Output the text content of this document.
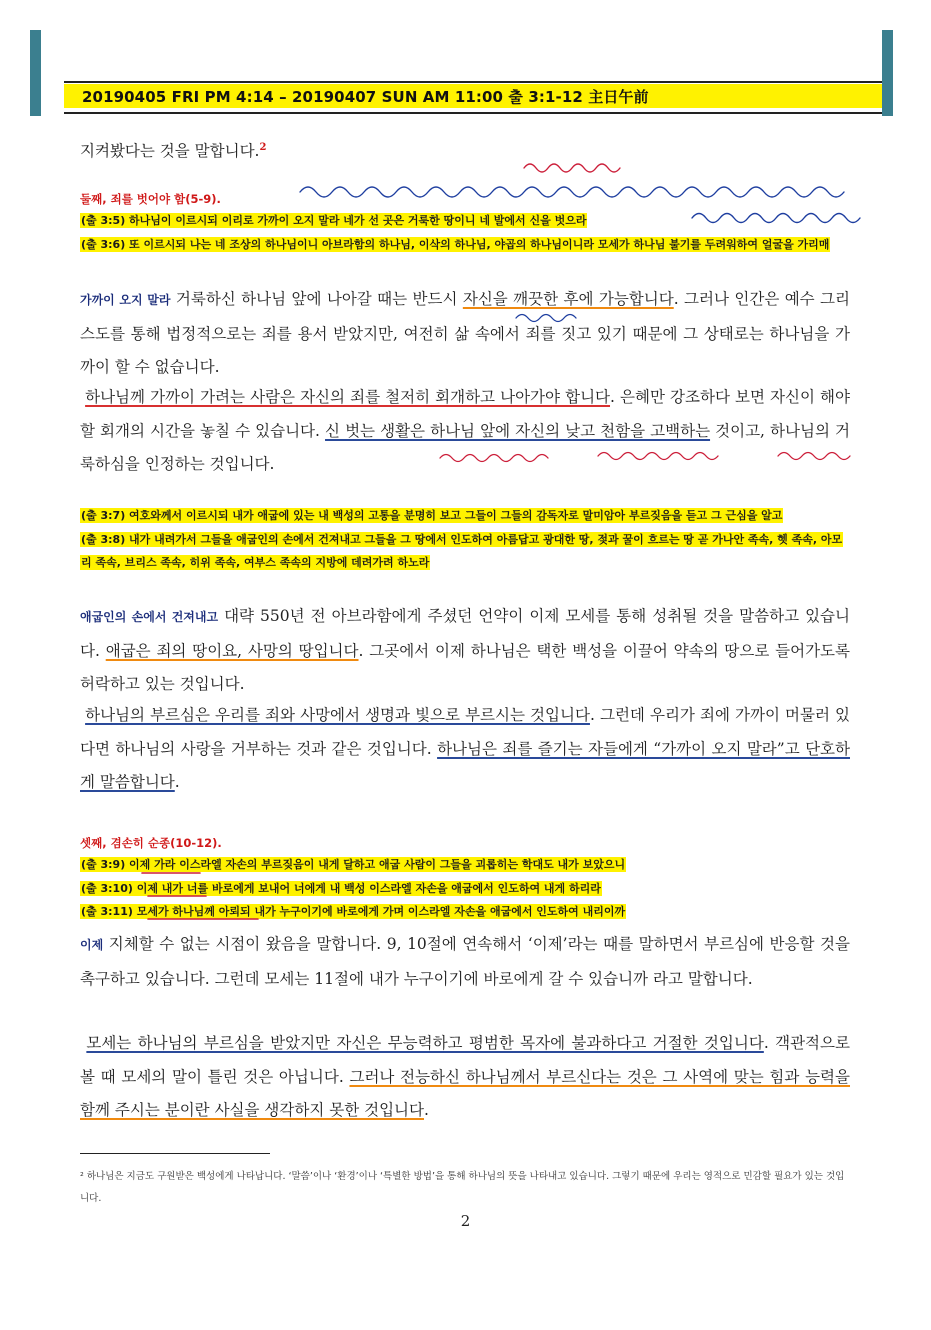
20190405 FRI PM 4:14 – 20190407 SUN AM 11:00 출 3:1-12 主日午前
지켜봤다는 것을 말합니다.$^2$
둘째, 죄를 벗어야 함(5-9).
(출 3:5) 하나님이 이르시되 이리로 가까이 오지 말라 네가 선 곳은 거룩한 땅이니 네 발에서 신을 벗으라
(출 3:6) 또 이르시되 나는 네 조상의 하나님이니 아브라함의 하나님, 이삭의 하나님, 야곱의 하나님이니라 모세가 하나님 불기를 두려워하여 얼굴을 가리매
가까이 오지 말라 거룩하신 하나님 앞에 나아갈 때는 반드시 자신을 깨끗한 후에 가능합니다. 그러나 인간은 예수 그리스도를 통해 법정적으로는 죄를 용서 받았지만, 여전히 삶 속에서 죄를 짓고 있기 때문에 그 상태로는 하나님을 가까이 할 수 없습니다.
하나님께 가까이 가려는 사람은 자신의 죄를 철저히 회개하고 나아가야 합니다. 은혜만 강조하다 보면 자신이 해야 할 회개의 시간을 놓칠 수 있습니다. 신 벗는 생활은 하나님 앞에 자신의 낮고 천함을 고백하는 것이고, 하나님의 거룩하심을 인정하는 것입니다.
(출 3:7) 여호와께서 이르시되 내가 애굽에 있는 내 백성의 고통을 분명히 보고 그들이 그들의 감독자로 말미암아 부르짖음을 듣고 그 근심을 알고
(출 3:8) 내가 내려가서 그들을 애굽인의 손에서 건져내고 그들을 그 땅에서 인도하여 아름답고 광대한 땅, 젖과 꿀이 흐르는 땅 곧 가나안 족속, 헷 족속, 아모리 족속, 브리스 족속, 히위 족속, 여부스 족속의 지방에 데려가려 하노라
애굽인의 손에서 건져내고 대략 550년 전 아브라함에게 주셨던 언약이 이제 모세를 통해 성취될 것을 말씀하고 있습니다. 애굽은 죄의 땅이요, 사망의 땅입니다. 그곳에서 이제 하나님은 택한 백성을 이끌어 약속의 땅으로 들어가도록 허락하고 있는 것입니다.
하나님의 부르심은 우리를 죄와 사망에서 생명과 빛으로 부르시는 것입니다. 그런데 우리가 죄에 가까이 머물러 있다면 하나님의 사랑을 거부하는 것과 같은 것입니다. 하나님은 죄를 즐기는 자들에게 “가까이 오지 말라”고 단호하게 말씀합니다.
셋째, 겸손히 순종(10-12).
(출 3:9) 이제 가라 이스라엘 자손의 부르짖음이 내게 달하고 애굽 사람이 그들을 괴롭히는 학대도 내가 보았으니
(출 3:10) 이제 내가 너를 바로에게 보내어 너에게 내 백성 이스라엘 자손을 애굽에서 인도하여 내게 하리라
(출 3:11) 모세가 하나님께 아뢰되 내가 누구이기에 바로에게 가며 이스라엘 자손을 애굽에서 인도하여 내리이까
이제 지체할 수 없는 시점이 왔음을 말합니다. 9, 10절에 연속해서 ‘이제’라는 때를 말하면서 부르심에 반응할 것을 촉구하고 있습니다. 그런데 모세는 11절에 내가 누구이기에 바로에게 갈 수 있습니까 라고 말합니다.
모세는 하나님의 부르심을 받았지만 자신은 무능력하고 평범한 목자에 불과하다고 거절한 것입니다. 객관적으로 볼 때 모세의 말이 틀린 것은 아닙니다. 그러나 전능하신 하나님께서 부르신다는 것은 그 사역에 맞는 힘과 능력을 함께 주시는 분이란 사실을 생각하지 못한 것입니다.
² 하나님은 지금도 구원받은 백성에게 나타납니다. ‘말씀’이나 ‘환경’이나 ‘특별한 방법’을 통해 하나님의 뜻을 나타내고 있습니다. 그렇기 때문에 우리는 영적으로 민감할 필요가 있는 것입니다.
2
